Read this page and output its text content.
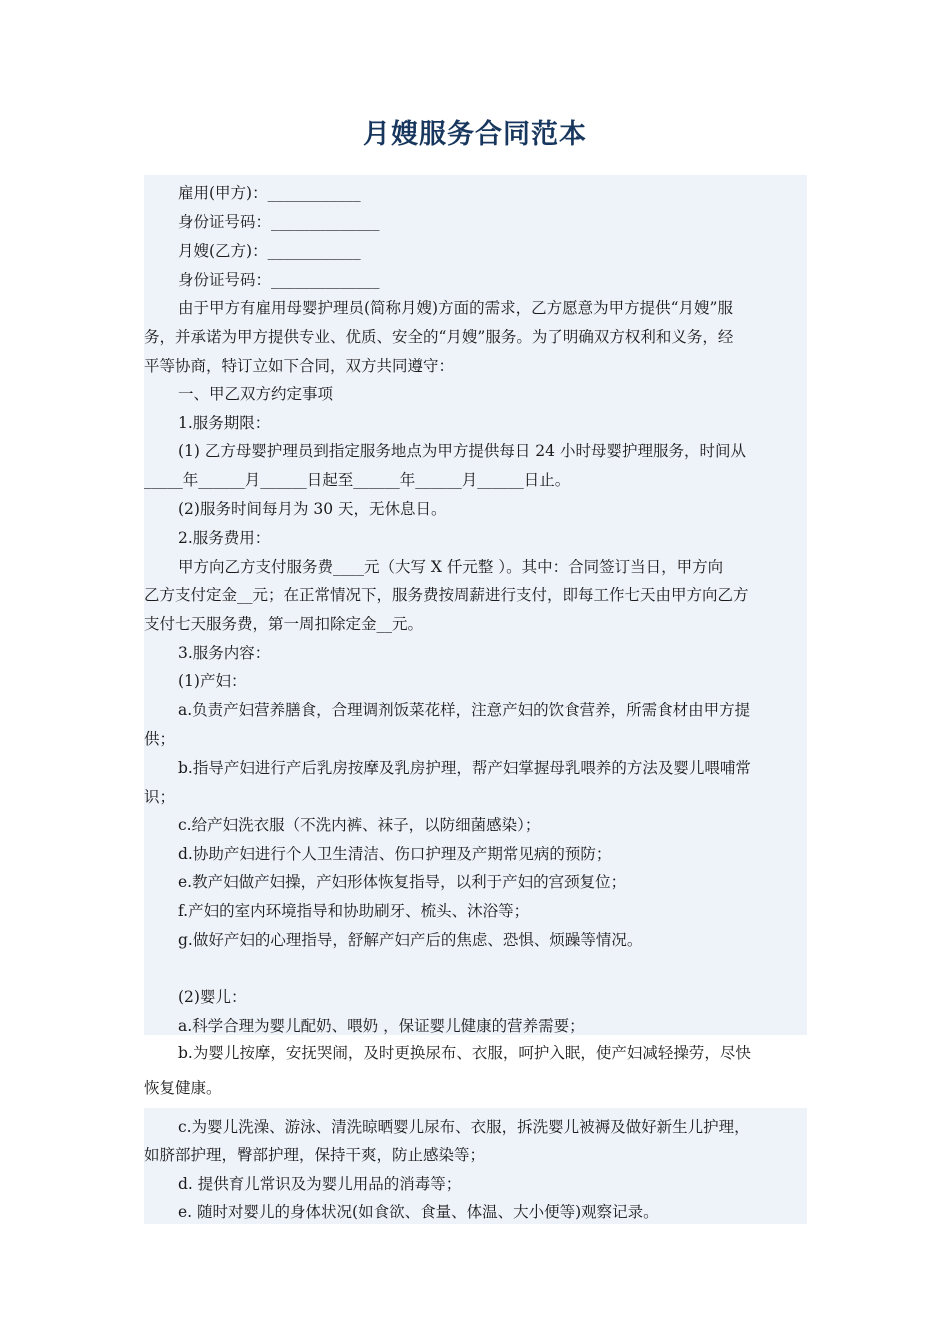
月嫂服务合同范本
雇用(甲方)：____________
身份证号码：______________
月嫂(乙方)：____________
身份证号码：______________
由于甲方有雇用母婴护理员(简称月嫂)方面的需求，乙方愿意为甲方提供“月嫂”服
务，并承诺为甲方提供专业、优质、安全的“月嫂”服务。为了明确双方权利和义务，经
平等协商，特订立如下合同，双方共同遵守：
一、甲乙双方约定事项
1.服务期限：
(1) 乙方母婴护理员到指定服务地点为甲方提供每日 24 小时母婴护理服务，时间从
_____年______月______日起至______年______月______日止。
(2)服务时间每月为 30 天，无休息日。
2.服务费用：
甲方向乙方支付服务费____元（大写 X 仟元整 ）。其中：合同签订当日，甲方向
乙方支付定金__元；在正常情况下，服务费按周薪进行支付，即每工作七天由甲方向乙方
支付七天服务费，第一周扣除定金__元。
3.服务内容：
(1)产妇：
a.负责产妇营养膳食，合理调剂饭菜花样，注意产妇的饮食营养，所需食材由甲方提
供；
b.指导产妇进行产后乳房按摩及乳房护理，帮产妇掌握母乳喂养的方法及婴儿喂哺常
识；
c.给产妇洗衣服（不洗内裤、袜子，以防细菌感染）；
d.协助产妇进行个人卫生清洁、伤口护理及产期常见病的预防；
e.教产妇做产妇操，产妇形体恢复指导，以利于产妇的宫颈复位；
f.产妇的室内环境指导和协助刷牙、梳头、沐浴等；
g.做好产妇的心理指导，舒解产妇产后的焦虑、恐惧、烦躁等情况。
(2)婴儿：
a.科学合理为婴儿配奶、喂奶 ，保证婴儿健康的营养需要；
b.为婴儿按摩，安抚哭闹，及时更换尿布、衣服，呵护入眠，使产妇减轻操劳，尽快
恢复健康。
c.为婴儿洗澡、游泳、清洗晾晒婴儿尿布、衣服，拆洗婴儿被褥及做好新生儿护理，
如脐部护理，臀部护理，保持干爽，防止感染等；
d. 提供育儿常识及为婴儿用品的消毒等；
e. 随时对婴儿的身体状况(如食欲、食量、体温、大小便等)观察记录。
